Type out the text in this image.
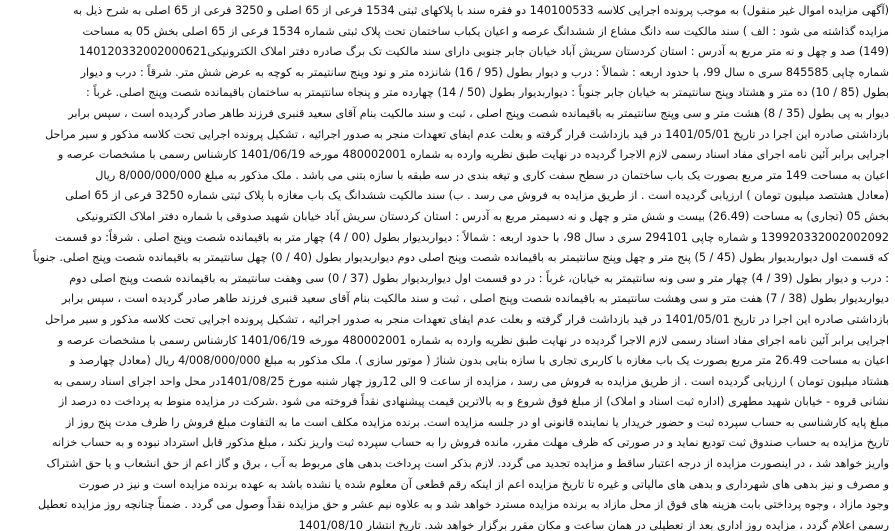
(آگهی مزایده اموال غیر منقول) به موجب پرونده اجرایی کلاسه 140100533 دو فقره سند با پلاکهای ثبتی 1534 فرعی از 65 اصلی و 3250 فرعی از 65 اصلی به شرح ذیل به
مزایده گذاشته می شود : الف ) سند مالکیت سه دانگ مشاع از ششدانگ عرصه و اعیان یکباب ساختمان تحت پلاک ثبتی شماره 1534 فرعی از 65 اصلی بخش 05 به مساحت
(149) صد و چهل و نه متر مربع به آدرس : استان کردستان سریش آباد خیابان جابر جنوبی دارای سند مالکیت تک برگ صادره دفتر املاک الکترونیکی140120332002000621
شماره چاپی 845585 سری ه سال 99، با حدود اربعه : شمالاً : درب و دیوار بطول (95 / 16) شانزده متر و نود وپنج سانتیمتر به کوچه به عرض شش متر. شرقاً : درب و دیوار
بطول (85 / 10) ده متر و هشتاد وپنج سانتیمتر به خیابان جابر جنوباً : دیواربدیوار بطول (50 / 14) چهارده متر و پنجاه سانتیمتر به ساختمان باقیمانده شصت وپنج اصلی. غرباً :
دیوار به پی بطول (35 / 8) هشت متر و سی وپنج سانتیمتر به باقیمانده شصت وپنج اصلی ، ثبت و سند مالکیت بنام آقای سعید قنبری فرزند طاهر صادر گردیده است ، سپس برابر
بازداشتی صادره این اجرا در تاریخ 1401/05/01 در قید بازداشت قرار گرفته و بعلت عدم ایفای تعهدات منجر به صدور اجرائیه ، تشکیل پرونده اجرایی تحت کلاسه مذکور و سیر مراحل
اجرایی برابر آئین نامه اجرای مفاد اسناد رسمی لازم الاجرا گردیده در نهایت طبق نظریه وارده به شماره 480002001 مورخه 1401/06/19 کارشناس رسمی با مشخصات عرصه و
اعیان به مساحت 149 متر مربع بصورت یک باب ساختمان در سطح سفت کاری و تیغه بندی در سه طبقه با سازه بتنی می باشد . ملک مذکور به مبلغ 8/000/000/000 ریال
(معادل هشتصد میلیون تومان ) ارزیابی گردیده است . از طریق مزایده به فروش می رسد . ب) سند مالکیت ششدانگ یک باب مغازه با پلاک ثبتی شماره 3250 فرعی از 65 اصلی
بخش 05 (تجاری) به مساحت (26.49) بیست و شش متر و چهل و نه دسیمتر مربع به آدرس : استان کردستان سریش آباد خیابان شهید صدوقی با شماره دفتر املاک الکترونیکی
139920332002002092 و شماره چاپی 294101 سری د سال 98، با حدود اربعه : شمالاً : دیواربدیوار بطول (00 / 4) چهار متر به باقیمانده شصت وپنج اصلی . شرقاً: دو قسمت
که قسمت اول دیواربدیوار بطول (45 / 5) پنج متر و چهل وپنج سانتیمتر به باقیمانده شصت وپنج اصلی دوم دیواربدیوار بطول (40 / 0) چهل سانتیمتر به باقیمانده شصت وپنج اصلی. جنوباً
: درب و دیوار بطول (39 / 4) چهار متر و سی ونه سانتیمتر به خیابان، غرباً : در دو قسمت اول دیواربدیوار بطول (37 / 0) سی وهفت سانتیمتر به باقیمانده شصت وپنج اصلی دوم
دیواربدیوار بطول (38 / 7) هفت متر و سی وهشت سانتیمتر به باقیمانده شصت وپنج اصلی ، ثبت و سند مالکیت بنام آقای سعید قنبری فرزند طاهر صادر گردیده است ، سپس برابر
بازداشتی صادره این اجرا در تاریخ 1401/05/01 در قید بازداشت قرار گرفته و بعلت عدم ایفای تعهدات منجر به صدور اجرائیه ، تشکیل پرونده اجرایی تحت کلاسه مذکور و سیر مراحل
اجرایی برابر آئین نامه اجرای مفاد اسناد رسمی لازم الاجرا گردیده در نهایت طبق نظریه وارده به شماره 480002001 مورخه 1401/06/19 کارشناس رسمی با مشخصات عرصه و
اعیان به مساحت 26.49 متر مربع بصورت یک باب مغازه با کاربری تجاری با سازه بنایی بدون شناژ ( موتور سازی ). ملک مذکور به مبلغ 4/008/000/000 ریال (معادل چهارصد و
هشتاد میلیون تومان ) ارزیابی گردیده است . از طریق مزایده به فروش می رسد ، مزایده از ساعت 9 الی 12روز چهار شنبه مورخ 1401/08/25در محل واحد اجرای اسناد رسمی به
نشانی قروه - خیابان شهید مطهری (اداره ثبت اسناد و املاک) از مبلغ فوق شروع و به بالاترین قیمت پیشنهادی نقداً فروخته می شود .شرکت در مزایده منوط به پرداخت ده درصد از
مبلغ پایه کارشناسی به حساب سپرده ثبت و حضور خریدار یا نماینده قانونی او در جلسه مزایده است. برنده مزایده مکلف است ما به التفاوت مبلغ فروش را ظرف مدت پنج روز از
تاریخ مزایده به حساب صندوق ثبت تودیع نماید و در صورتی که ظرف مهلت مقرر، مانده فروش را به حساب سپرده ثبت واریز نکند ، مبلغ مذکور قابل استرداد نبوده و به حساب خزانه
واریز خواهد شد ، در اینصورت مزایده از درجه اعتبار ساقط و مزایده تجدید می گردد. لازم بذکر است پرداخت بدهی های مربوط به آب ، برق و گاز اعم از حق انشعاب و یا حق اشتراک
و مصرف و نیز بدهی های شهرداری و بدهی های مالیاتی و غیره تا تاریخ مزایده اعم از اینکه رقم قطعی آن معلوم شده یا نشده باشد به عهده برنده مزایده است و نیز در صورت
وجود مازاد ، وجوه پرداختی بابت هزینه های فوق از محل مازاد به برنده مزایده مسترد خواهد شد و به علاوه نیم عشر و حق مزایده نقداً وصول می گردد . ضمناً چنانچه روز مزایده تعطیل
رسمی اعلام گردد ، مزایده روز اداری بعد از تعطیلی در همان ساعت و مکان مقرر برگزار خواهد شد. تاریخ انتشار 1401/08/10
